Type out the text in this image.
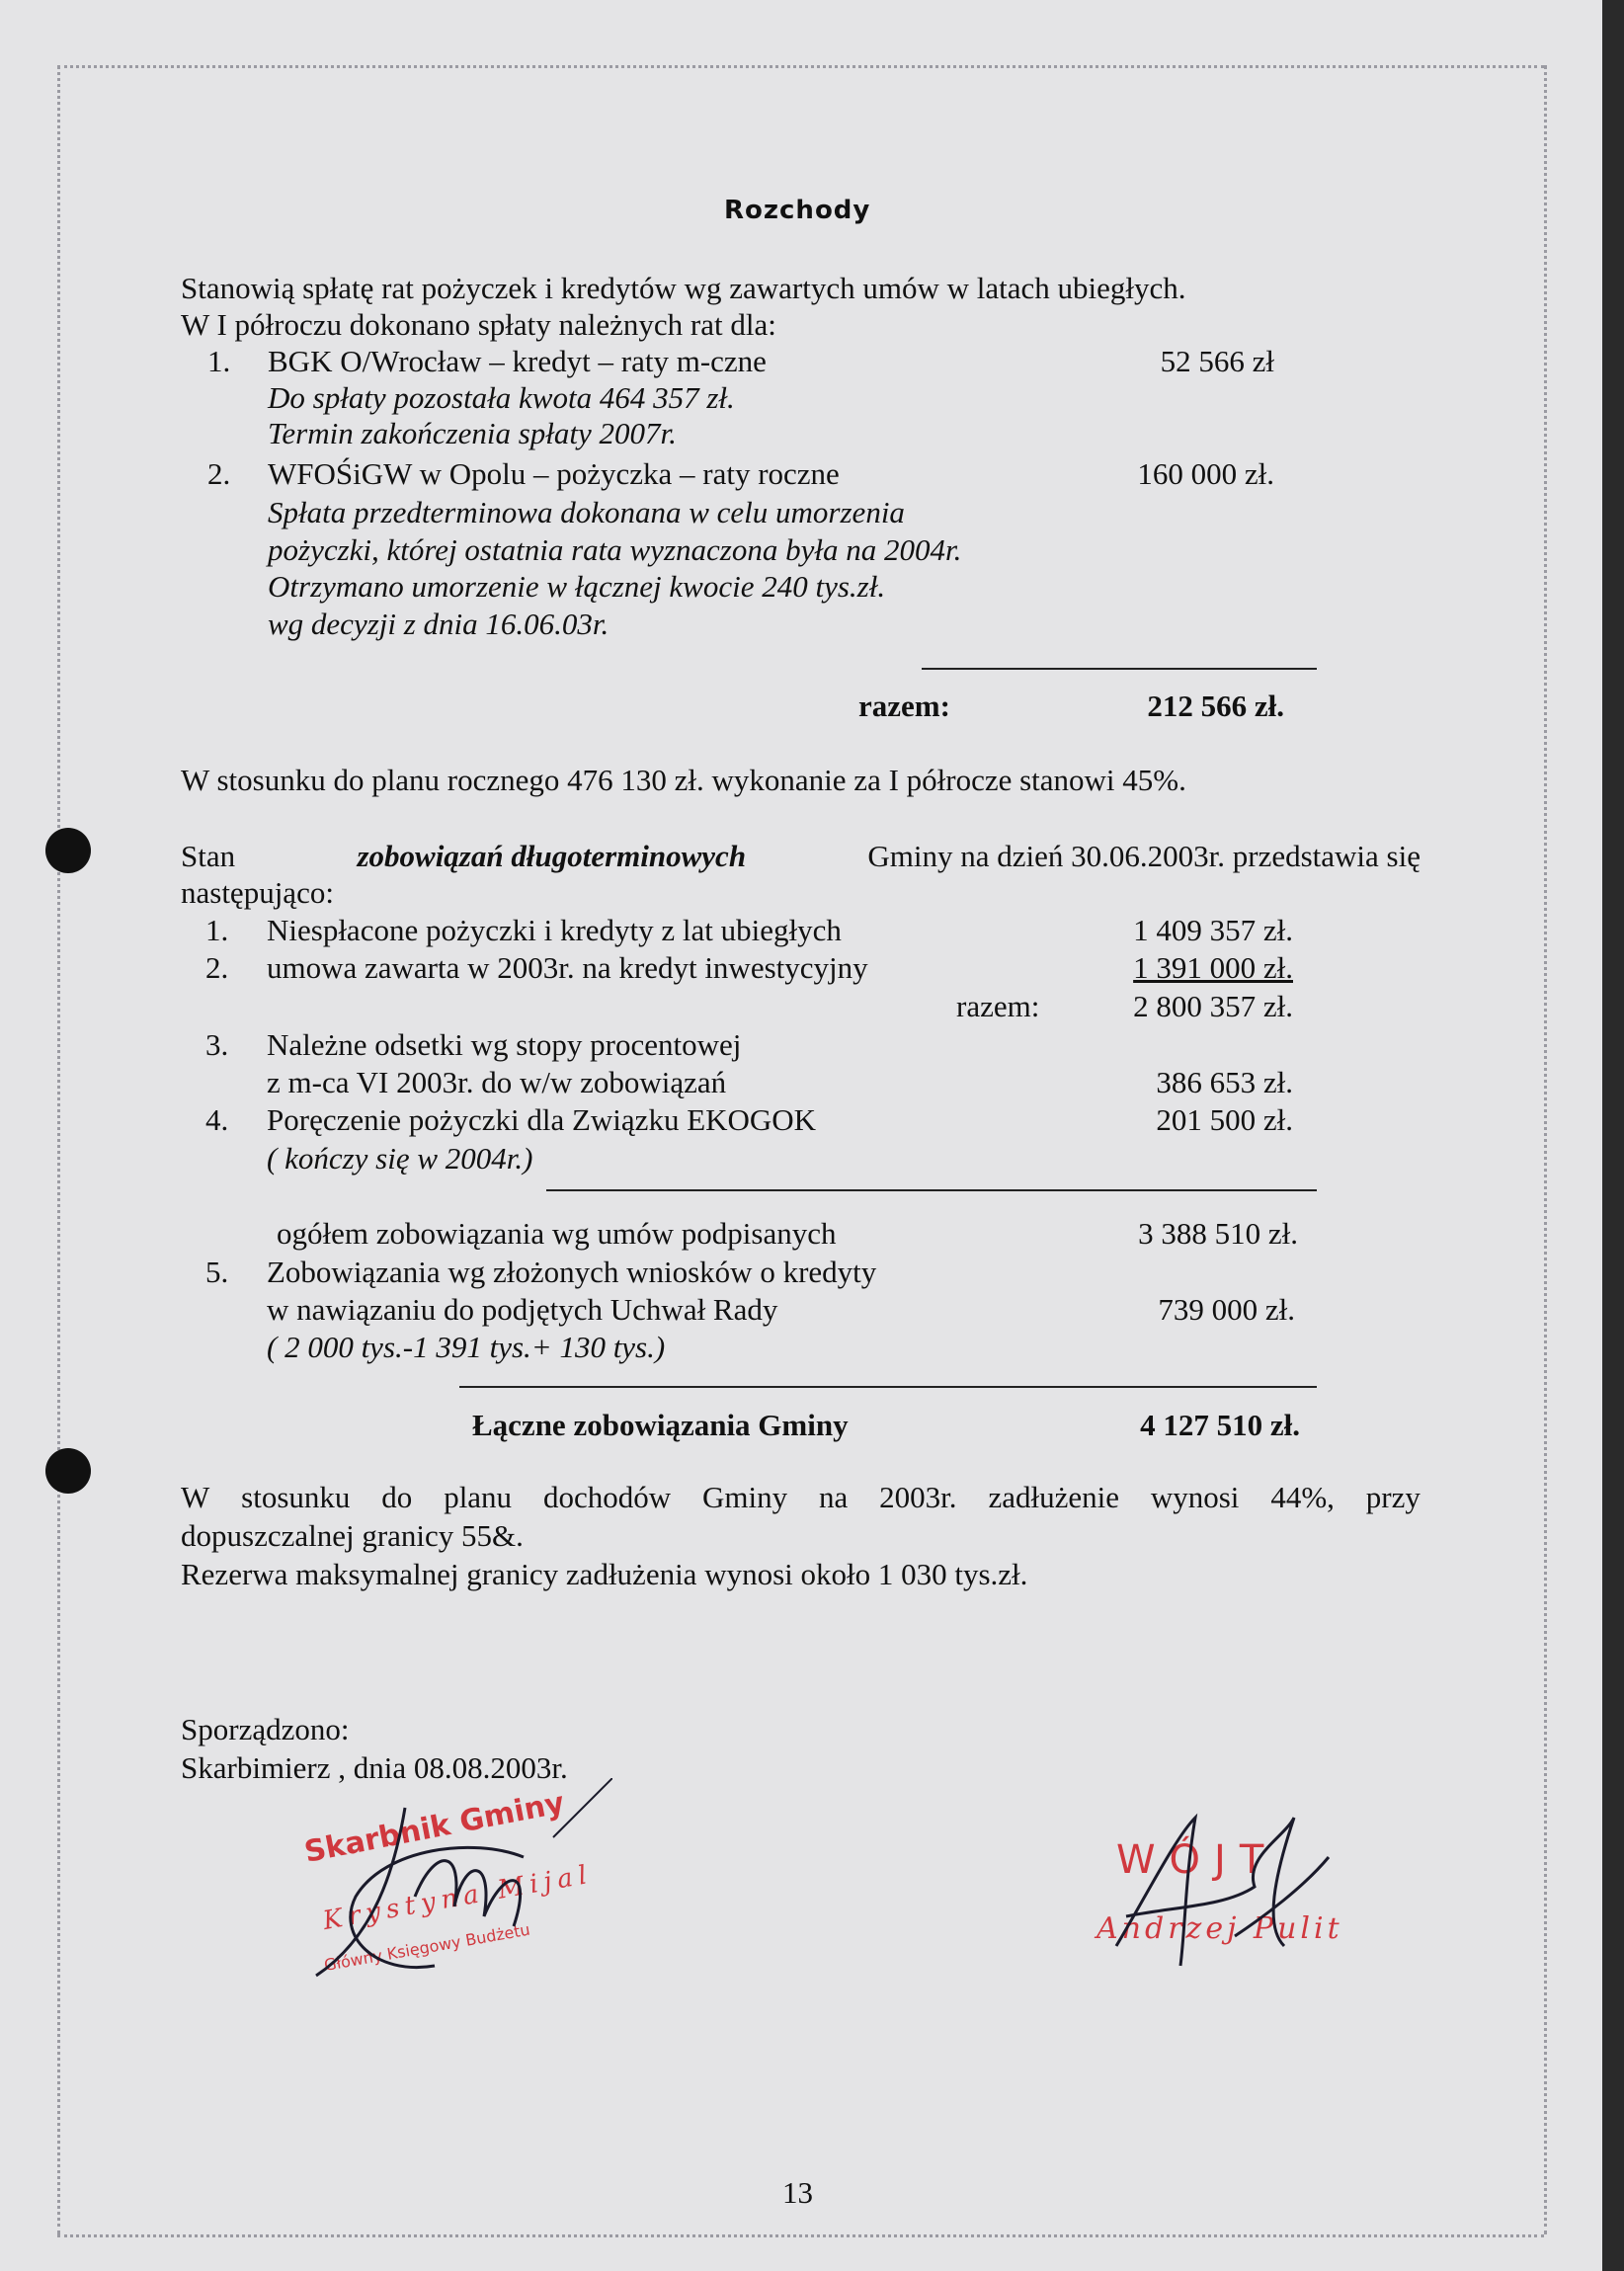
Rozchody
Stanowią spłatę rat pożyczek i kredytów wg zawartych umów w latach ubiegłych.
W I półroczu dokonano spłaty należnych rat dla:
1. BGK O/Wrocław – kredyt – raty m-czne	52 566 zł
Do spłaty pozostała kwota 464 357 zł.
Termin zakończenia spłaty 2007r.
2. WFOŚiGW w Opolu – pożyczka – raty roczne	160 000 zł.
Spłata przedterminowa dokonana w celu umorzenia
pożyczki, której ostatnia rata wyznaczona była na 2004r.
Otrzymano umorzenie w łącznej kwocie 240 tys.zł.
wg decyzji z dnia 16.06.03r.
razem:	212 566 zł.
W stosunku do planu rocznego 476 130 zł. wykonanie za I półrocze stanowi 45%.
Stan	zobowiązań długoterminowych	Gminy na dzień 30.06.2003r. przedstawia się
następująco:
1. Niespłacone pożyczki i kredyty z lat ubiegłych	1 409 357 zł.
2. umowa zawarta w 2003r. na kredyt inwestycyjny	1 391 000 zł.
razem:	2 800 357 zł.
3. Należne odsetki wg stopy procentowej
z m-ca VI 2003r. do w/w zobowiązań	386 653 zł.
4. Poręczenie pożyczki dla Związku EKOGOK	201 500 zł.
( kończy się w 2004r.)
ogółem zobowiązania wg umów podpisanych	3 388 510 zł.
5. Zobowiązania wg złożonych wniosków o kredyty
w nawiązaniu do podjętych Uchwał Rady	739 000 zł.
( 2 000 tys.-1 391 tys.+ 130 tys.)
Łączne zobowiązania Gminy	4 127 510 zł.
W stosunku do planu dochodów Gminy na 2003r. zadłużenie wynosi 44%, przy
dopuszczalnej granicy 55&.
Rezerwa maksymalnej granicy zadłużenia wynosi około 1 030 tys.zł.
Sporządzono:
Skarbimierz , dnia 08.08.2003r.
Skarbnik Gminy
Krystyna Mijal
Główny Księgowy Budżetu
WÓJT
Andrzej Pulit
13
